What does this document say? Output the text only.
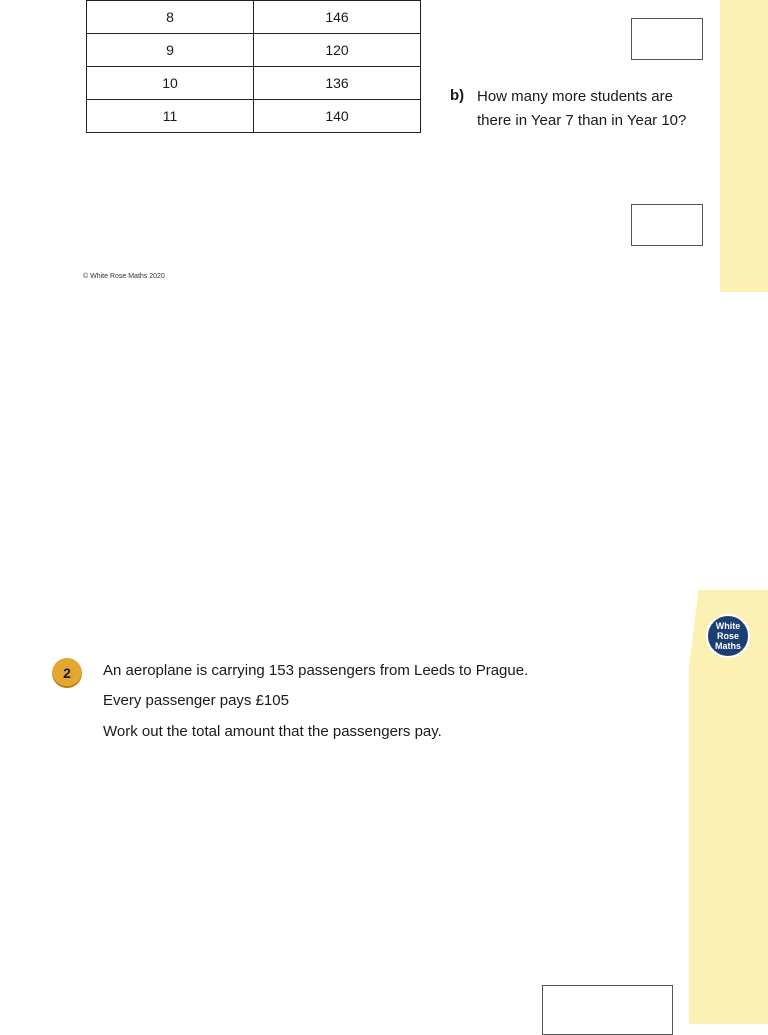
8	146
9	120
10	136
11	140
b) How many more students are there in Year 7 than in Year 10?
© White Rose Maths 2020
White
Rose
Maths
2	An aeroplane is carrying 153 passengers from Leeds to Prague.
Every passenger pays £105
Work out the total amount that the passengers pay.
